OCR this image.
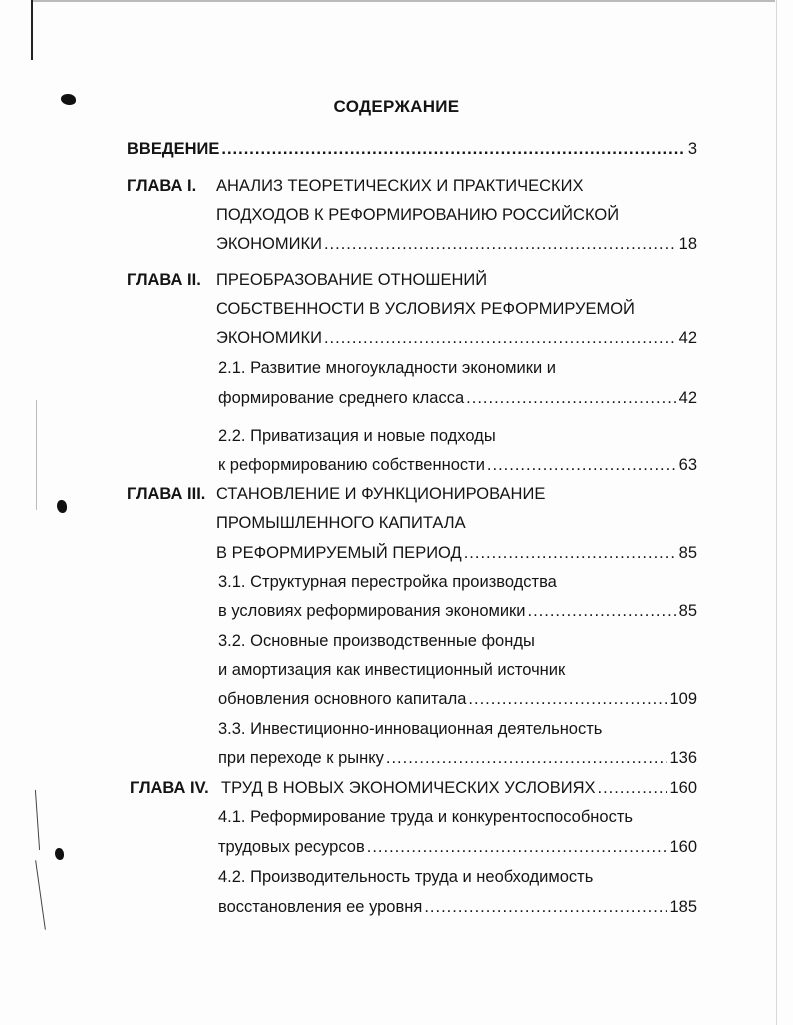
СОДЕРЖАНИЕ
ВВЕДЕНИЕ .....	3
ГЛАВА I. АНАЛИЗ ТЕОРЕТИЧЕСКИХ И ПРАКТИЧЕСКИХ
ПОДХОДОВ К РЕФОРМИРОВАНИЮ РОССИЙСКОЙ
ЭКОНОМИКИ .....	18
ГЛАВА II. ПРЕОБРАЗОВАНИЕ ОТНОШЕНИЙ
СОБСТВЕННОСТИ В УСЛОВИЯХ РЕФОРМИРУЕМОЙ
ЭКОНОМИКИ .....	42
2.1. Развитие многоукладности экономики и
формирование среднего класса .....	42
2.2. Приватизация и новые подходы
к реформированию собственности .....	63
ГЛАВА III. СТАНОВЛЕНИЕ И ФУНКЦИОНИРОВАНИЕ
ПРОМЫШЛЕННОГО КАПИТАЛА
В РЕФОРМИРУЕМЫЙ ПЕРИОД .....	85
3.1. Структурная перестройка производства
в условиях реформирования экономики .....	85
3.2. Основные производственные фонды
и амортизация как инвестиционный источник
обновления основного капитала .....	109
3.3. Инвестиционно-инновационная деятельность
при переходе к рынку .....	136
ГЛАВА IV. ТРУД В НОВЫХ ЭКОНОМИЧЕСКИХ УСЛОВИЯХ .....	160
4.1. Реформирование труда и конкурентоспособность
трудовых ресурсов .....	160
4.2. Производительность труда и необходимость
восстановления ее уровня .....	185
